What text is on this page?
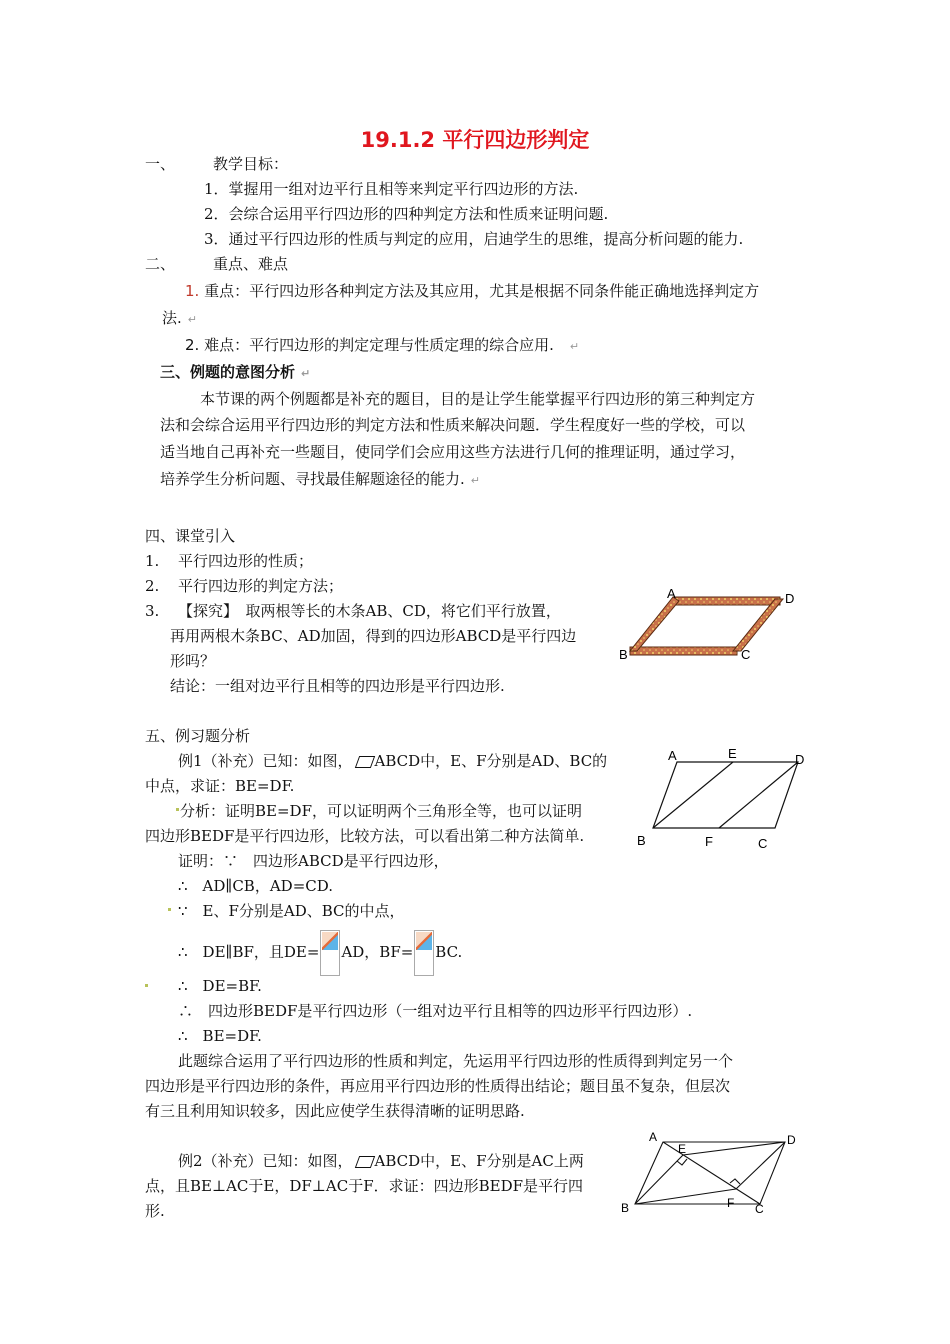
19.1.2 平行四边形判定
一、	教学目标：
1．掌握用一组对边平行且相等来判定平行四边形的方法.
2．会综合运用平行四边形的四种判定方法和性质来证明问题.
3．通过平行四边形的性质与判定的应用，启迪学生的思维，提高分析问题的能力.
二、	重点、难点
1. 重点：平行四边形各种判定方法及其应用，尤其是根据不同条件能正确地选择判定方
法. ↵
2. 难点：平行四边形的判定定理与性质定理的综合应用. ↵
三、例题的意图分析 ↵
本节课的两个例题都是补充的题目，目的是让学生能掌握平行四边形的第三种判定方
法和会综合运用平行四边形的判定方法和性质来解决问题．学生程度好一些的学校，可以
适当地自己再补充一些题目，使同学们会应用这些方法进行几何的推理证明，通过学习，
培养学生分析问题、寻找最佳解题途径的能力. ↵
四、课堂引入
1. 平行四边形的性质；
2. 平行四边形的判定方法；
3. 【探究】　取两根等长的木条AB、CD，将它们平行放置，
再用两根木条BC、AD加固，得到的四边形ABCD是平行四边
形吗？
结论：一组对边平行且相等的四边形是平行四边形.
A	D
B	C
五、例习题分析
例1（补充）已知：如图， ABCD中，E、F分别是AD、BC的
中点，求证：BE=DF.
分析：证明BE=DF，可以证明两个三角形全等，也可以证明
四边形BEDF是平行四边形，比较方法，可以看出第二种方法简单.
证明：∵　四边形ABCD是平行四边形，
∴　AD∥CB，AD=CD.
∵　E、F分别是AD、BC的中点，
∴　DE∥BF，且DE= AD，BF= BC.
∴　DE=BF.
∴　四边形BEDF是平行四边形（一组对边平行且相等的四边形平行四边形）.
∴　BE=DF.
此题综合运用了平行四边形的性质和判定，先运用平行四边形的性质得到判定另一个
四边形是平行四边形的条件，再应用平行四边形的性质得出结论；题目虽不复杂，但层次
有三且利用知识较多，因此应使学生获得清晰的证明思路.
例2（补充）已知：如图， ABCD中，E、F分别是AC上两
点，且BE⊥AC于E，DF⊥AC于F．求证：四边形BEDF是平行四
形.
A	E	D
B	F	C
A
E
D
B	F C
